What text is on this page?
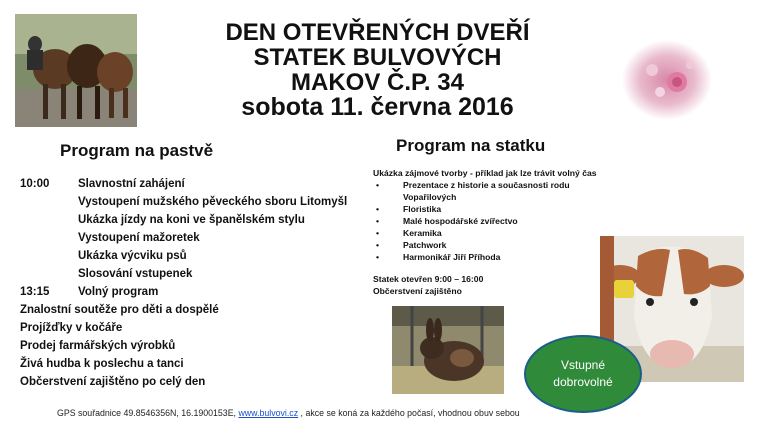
DEN OTEVŘENÝCH DVEŘÍ
STATEK BULVOVÝCH
MAKOV Č.P. 34
sobota 11. června 2016
Program na pastvě	Program na statku
10:00	Slavnostní zahájení
Vystoupení mužského pěveckého sboru Litomyšl
Ukázka jízdy na koni ve španělském stylu
Vystoupení mažoretek
Ukázka výcviku psů
Slosování vstupenek
13:15	Volný program
Znalostní soutěže pro děti a dospělé
Projížďky v kočáře
Prodej farmářských výrobků
Živá hudba k poslechu a tanci
Občerstvení zajištěno po celý den
Ukázka zájmové tvorby - příklad jak lze trávit volný čas
• Prezentace z historie a současnosti rodu Vopařilových
• Floristika
• Malé hospodářské zvířectvo
• Keramika
• Patchwork
• Harmonikář Jiří Příhoda
Statek otevřen 9:00 – 16:00
Občerstvení zajištěno
Vstupné
dobrovolné
GPS souřadnice 49.8546356N, 16.1900153E, www.bulvovi.cz , akce se koná za každého počasí, vhodnou obuv sebou
